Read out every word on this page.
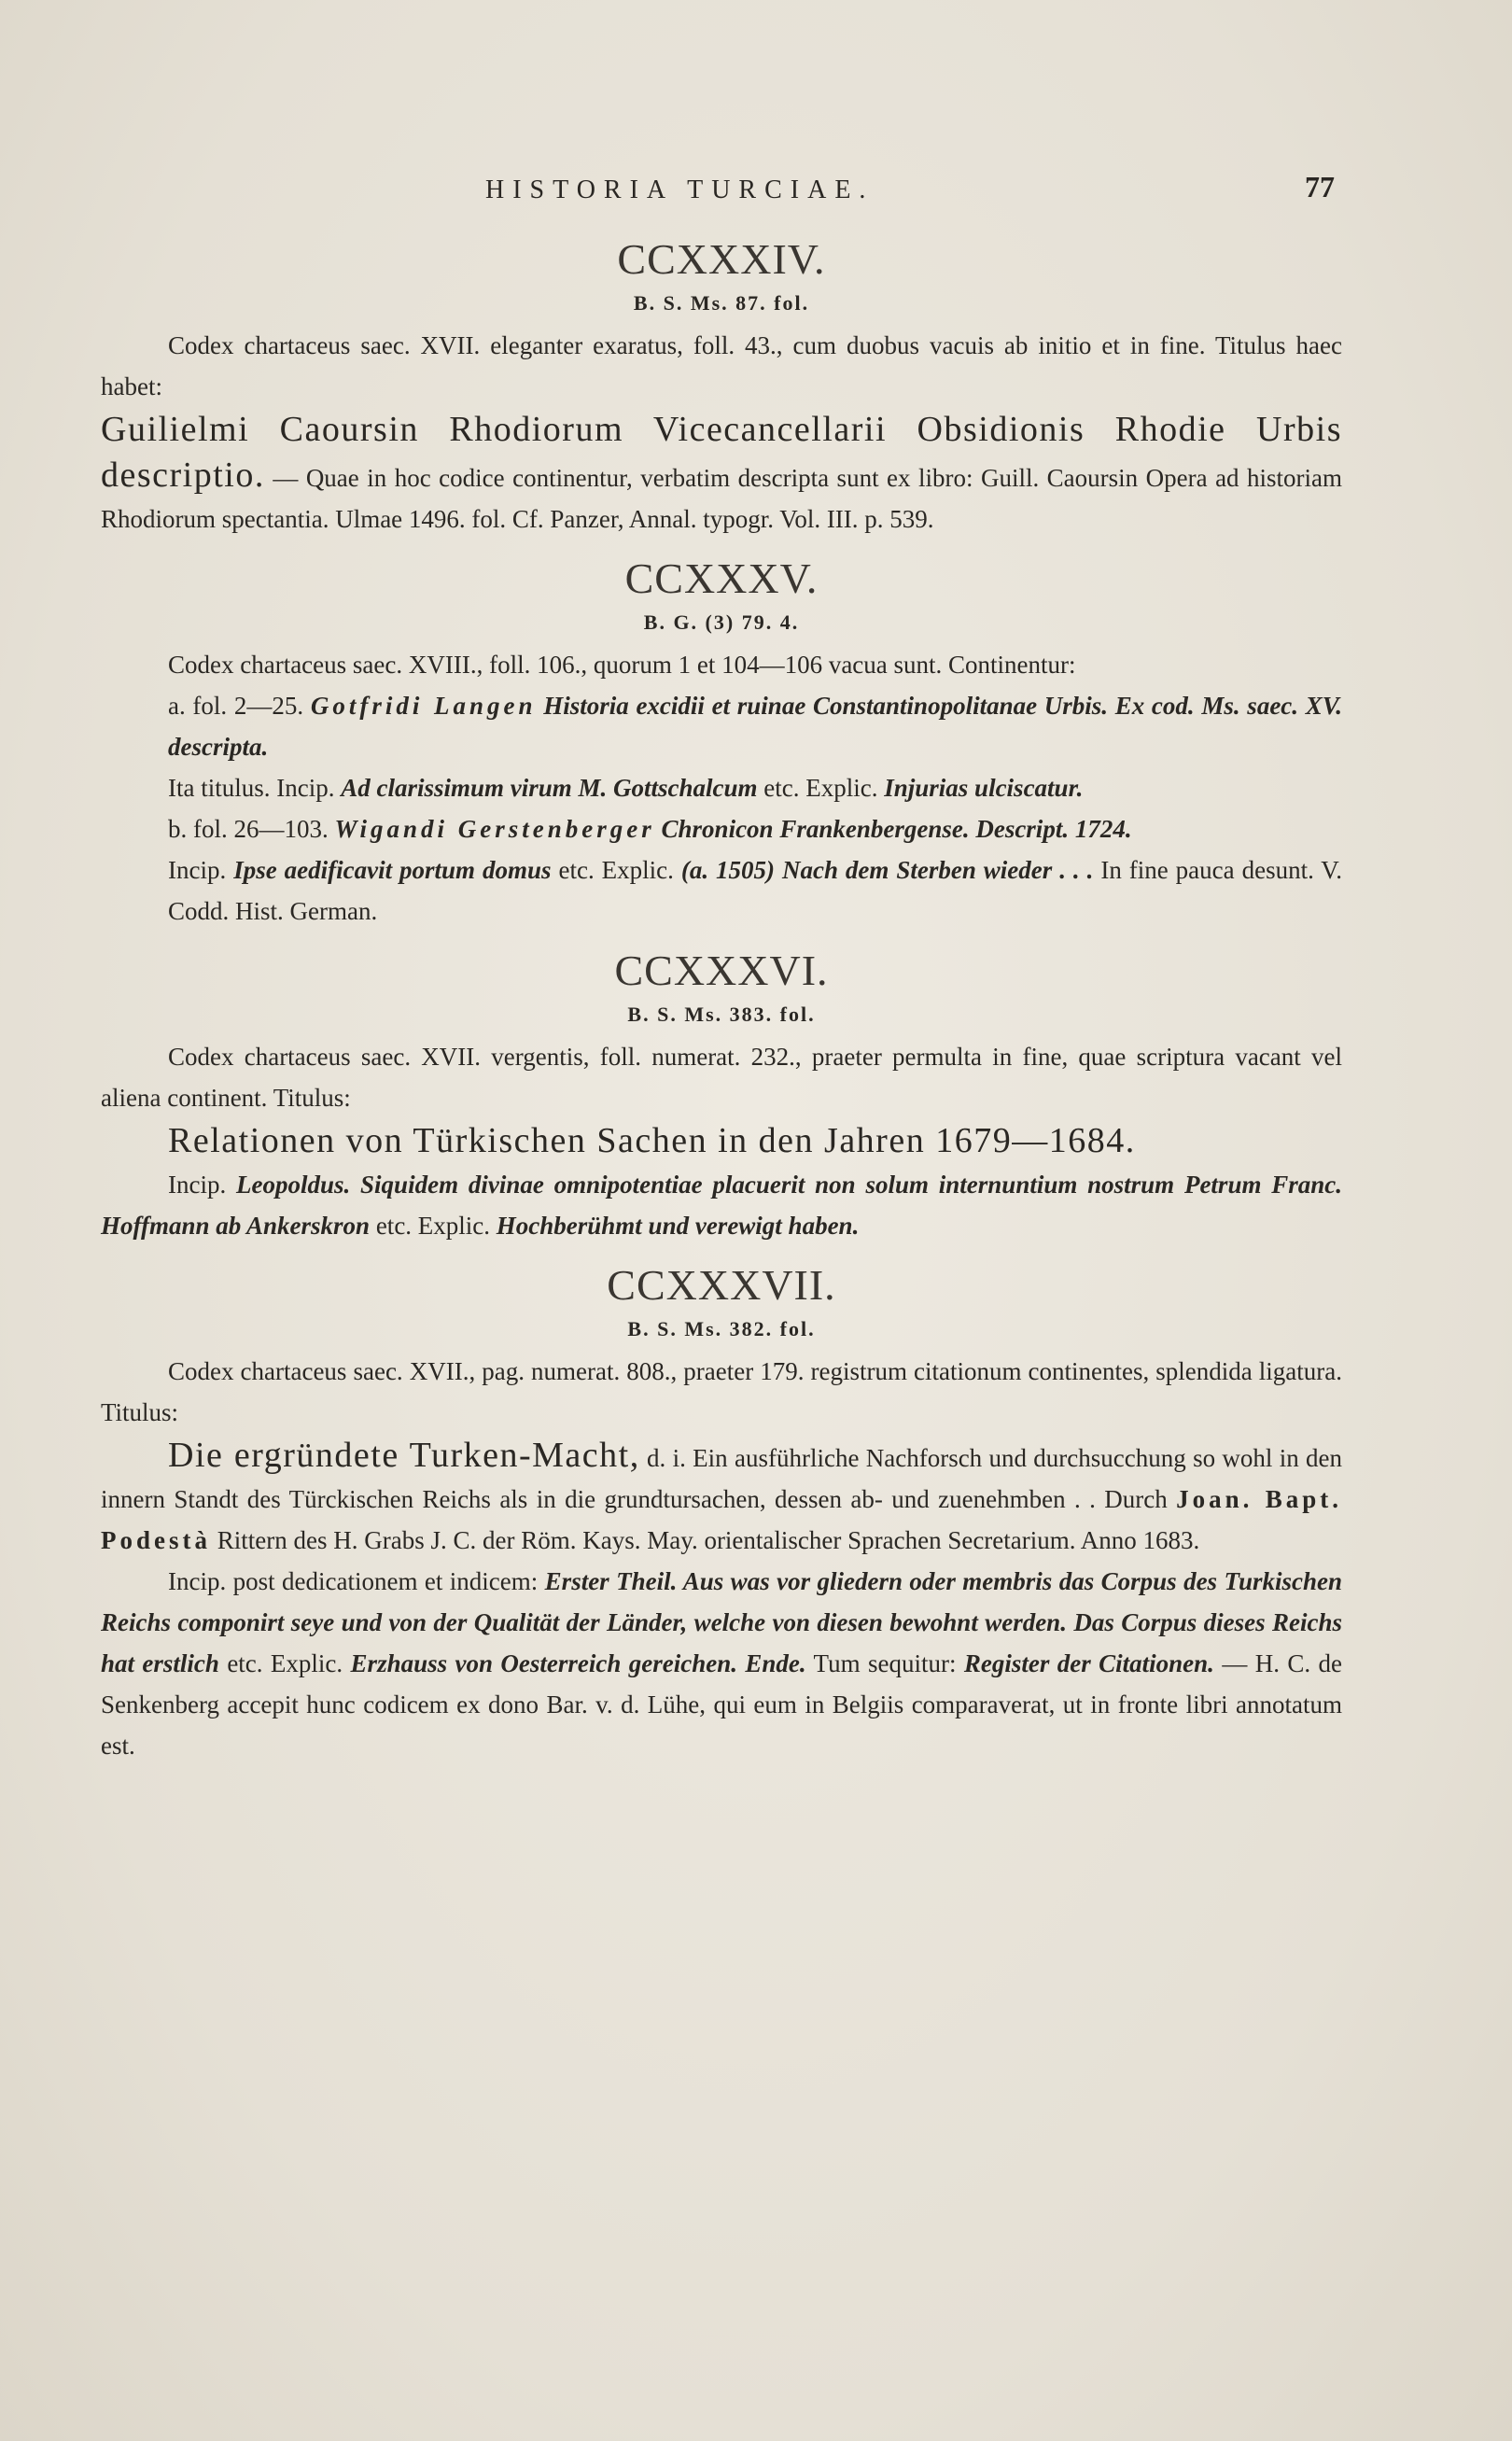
HISTORIA TURCIAE.	77
CCXXXIV.
B. S. Ms. 87. fol.

Codex chartaceus saec. XVII. eleganter exaratus, foll. 43., cum duobus vacuis ab initio et in fine. Titulus haec habet:

Guilielmi Caoursin Rhodiorum Vicecancellarii Obsidionis Rhodie Urbis descriptio. — Quae in hoc codice continentur, verbatim descripta sunt ex libro: Guill. Caoursin Opera ad historiam Rhodiorum spectantia. Ulmae 1496. fol. Cf. Panzer, Annal. typogr. Vol. III. p. 539.

CCXXXV.
B. G. (3) 79. 4.

Codex chartaceus saec. XVIII., foll. 106., quorum 1 et 104—106 vacua sunt. Continentur:

a. fol. 2—25. Gotfridi Langen Historia excidii et ruinae Constantinopolitanae Urbis. Ex cod. Ms. saec. XV. descripta.

Ita titulus. Incip. Ad clarissimum virum M. Gottschalcum etc. Explic. Injurias ulciscatur.

b. fol. 26—103. Wigandi Gerstenberger Chronicon Frankenbergense. Descript. 1724.

Incip. Ipse aedificavit portum domus etc. Explic. (a. 1505) Nach dem Sterben wieder . . . In fine pauca desunt. V. Codd. Hist. German.

CCXXXVI.
B. S. Ms. 383. fol.

Codex chartaceus saec. XVII. vergentis, foll. numerat. 232., praeter permulta in fine, quae scriptura vacant vel aliena continent. Titulus:

Relationen von Türkischen Sachen in den Jahren 1679—1684.

Incip. Leopoldus. Siquidem divinae omnipotentiae placuerit non solum internuntium nostrum Petrum Franc. Hoffmann ab Ankerskron etc. Explic. Hochberühmt und verewigt haben.

CCXXXVII.
B. S. Ms. 382. fol.

Codex chartaceus saec. XVII., pag. numerat. 808., praeter 179. registrum citationum continentes, splendida ligatura. Titulus:

Die ergründete Turken-Macht, d. i. Ein ausführliche Nachforsch und durchsucchung so wohl in den innern Standt des Türckischen Reichs als in die grundtursachen, dessen ab- und zuenehmben . . Durch Joan. Bapt. Podestà Rittern des H. Grabs J. C. der Röm. Kays. May. orientalischer Sprachen Secretarium. Anno 1683.

Incip. post dedicationem et indicem: Erster Theil. Aus was vor gliedern oder membris das Corpus des Turkischen Reichs componirt seye und von der Qualität der Länder, welche von diesen bewohnt werden. Das Corpus dieses Reichs hat erstlich etc. Explic. Erzhauss von Oesterreich gereichen. Ende. Tum sequitur: Register der Citationen. — H. C. de Senkenberg accepit hunc codicem ex dono Bar. v. d. Lühe, qui eum in Belgiis comparaverat, ut in fronte libri annotatum est.
